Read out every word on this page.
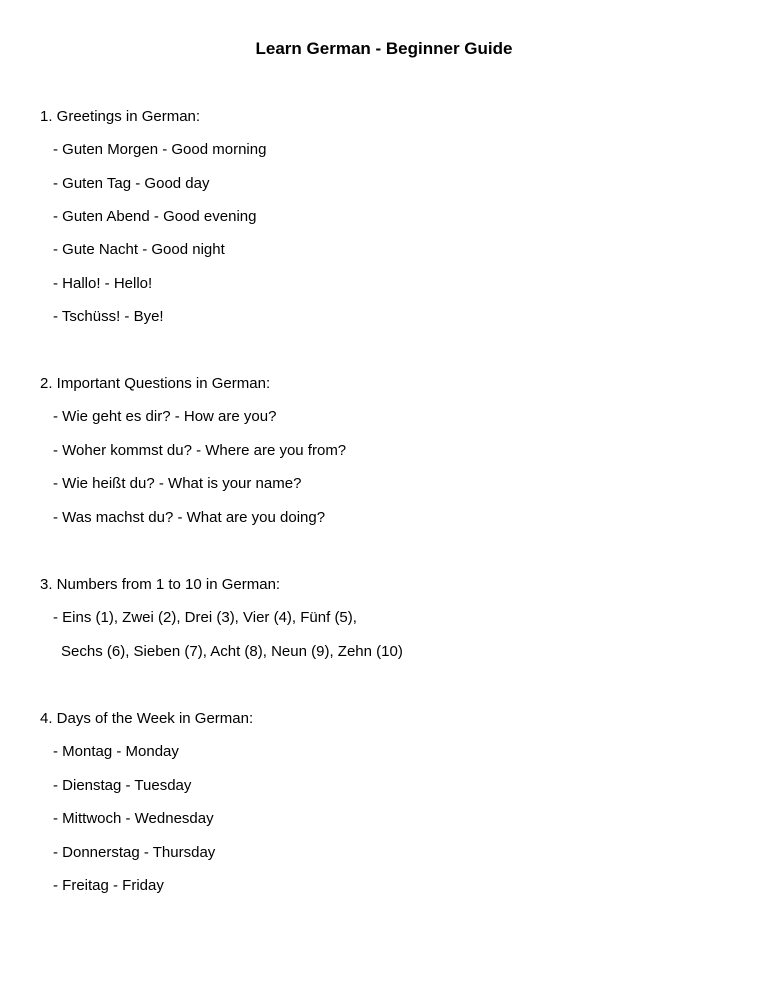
Learn German - Beginner Guide
1. Greetings in German:
- Guten Morgen - Good morning
- Guten Tag - Good day
- Guten Abend - Good evening
- Gute Nacht - Good night
- Hallo! - Hello!
- Tschüss! - Bye!
2. Important Questions in German:
- Wie geht es dir? - How are you?
- Woher kommst du? - Where are you from?
- Wie heißt du? - What is your name?
- Was machst du? - What are you doing?
3. Numbers from 1 to 10 in German:
- Eins (1), Zwei (2), Drei (3), Vier (4), Fünf (5),
Sechs (6), Sieben (7), Acht (8), Neun (9), Zehn (10)
4. Days of the Week in German:
- Montag - Monday
- Dienstag - Tuesday
- Mittwoch - Wednesday
- Donnerstag - Thursday
- Freitag - Friday
